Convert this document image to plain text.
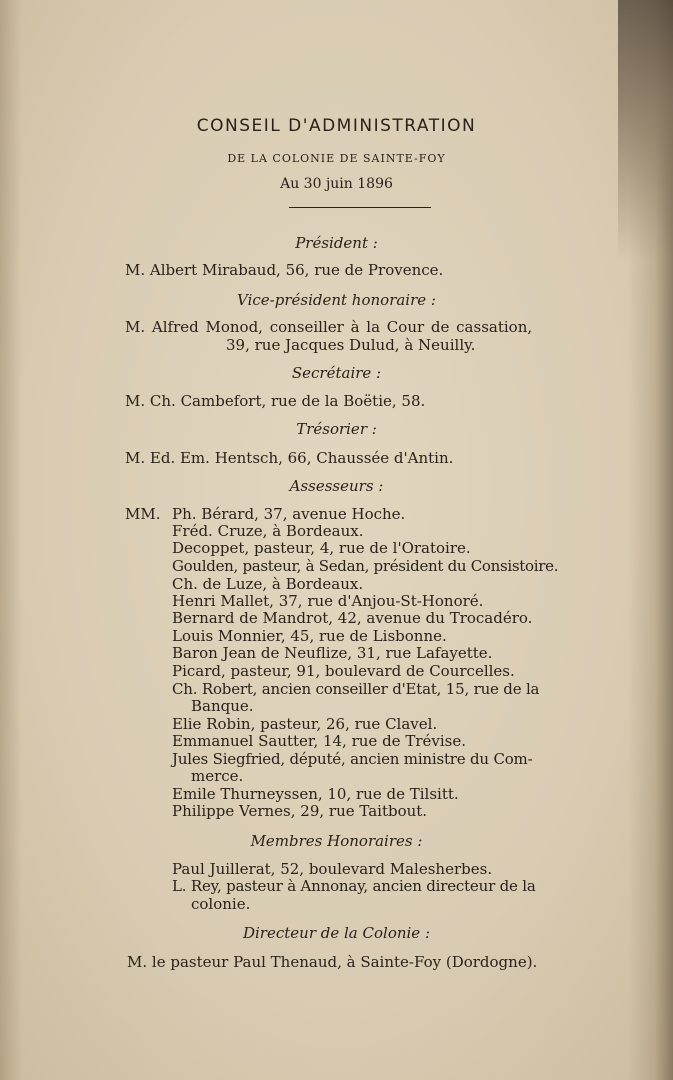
CONSEIL D'ADMINISTRATION
DE LA COLONIE DE SAINTE-FOY
Au 30 juin 1896
Président :
M. Albert Mirabaud, 56, rue de Provence.
Vice-président honoraire :
M. Alfred Monod, conseiller à la Cour de cassation,
39, rue Jacques Dulud, à Neuilly.
Secrétaire :
M. Ch. Cambefort, rue de la Boëtie, 58.
Trésorier :
M. Ed. Em. Hentsch, 66, Chaussée d'Antin.
Assesseurs :
MM. Ph. Bérard, 37, avenue Hoche.
Fréd. Cruze, à Bordeaux.
Decoppet, pasteur, 4, rue de l'Oratoire.
Goulden, pasteur, à Sedan, président du Consistoire.
Ch. de Luze, à Bordeaux.
Henri Mallet, 37, rue d'Anjou-St-Honoré.
Bernard de Mandrot, 42, avenue du Trocadéro.
Louis Monnier, 45, rue de Lisbonne.
Baron Jean de Neuflize, 31, rue Lafayette.
Picard, pasteur, 91, boulevard de Courcelles.
Ch. Robert, ancien conseiller d'Etat, 15, rue de la
Banque.
Elie Robin, pasteur, 26, rue Clavel.
Emmanuel Sautter, 14, rue de Trévise.
Jules Siegfried, député, ancien ministre du Com-
merce.
Emile Thurneyssen, 10, rue de Tilsitt.
Philippe Vernes, 29, rue Taitbout.
Membres Honoraires :
Paul Juillerat, 52, boulevard Malesherbes.
L. Rey, pasteur à Annonay, ancien directeur de la
colonie.
Directeur de la Colonie :
M. le pasteur Paul Thenaud, à Sainte-Foy (Dordogne).
